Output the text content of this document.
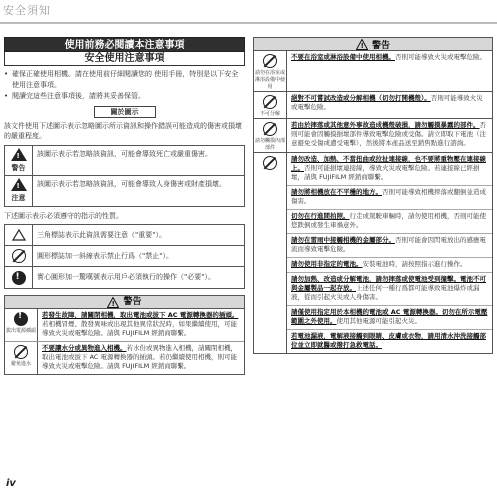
安全須知
使用前務必閱讀本注意事項
安全使用注意事項
• 確保正確使用相機。請在使用前仔細閱讀您的 使用手冊，特別是以下安全使用注意事項。
• 閱讀完這些注意事項後，請將其妥善保管。
關於圖示
該文件使用下述圖示表示忽略圖示所示資訊和操作錯誤可能造成的傷害或損壞的嚴重程度。
!
警告
該圖示表示若忽略該資訊，可能會導致死亡或嚴重傷害。
!
注意
該圖示表示若忽略該資訊，可能會導致人身傷害或財產損壞。
下述圖示表示必須遵守的指示的性質。
三角標誌表示此資訊需要注意（"重要"）。
圓形標誌加一斜線表示禁止行爲（"禁止"）。
!	實心圓形加一驚嘆號表示用戶必須執行的操作（"必要"）。
! 警告
!
拔出電源插頭
若發生故障，請關閉相機，取出電池或拔下 AC 電源轉換器的插頭。若相機冒煙、散發異味或出現其他異常狀況時，如果繼續使用，可能導致火災或電擊危險。請與 FUJIFILM 經銷商聯繫。
避免進水
不要讓水分或異物進入相機。若水份或異物進入相機，請關閉相機，取出電池或拔下 AC 電源轉換器的插頭。若仍繼續使用相機，則可能導致火災或電擊危險。請與 FUJIFILM 經銷商聯繫。
! 警告
請勿在浴室或淋浴設備中使用
不要在浴室或淋浴設備中使用相機。否則可能導致火災或電擊危險。
不可分解
絕對不可嘗試改造或分解相機（切勿打開機殼）。否則可能導致火災或電擊危險。
請勿觸摸內部部件
若由於摔落或其他意外事故造成機殼破損，請勿觸摸暴露的部件。否則可能會因觸摸損壞部件導致電擊危險或受傷。請立即取下電池（注意避免受傷或遭受電擊），然後將本產品送至銷售點進行諮詢。
請勿改造、加熱、不當扭曲或拉扯連接線，也不要將重物壓在連接線上。否則可能損壞連接線，導致火災或電擊危險。若連接線已經損壞，請與 FUJIFILM 經銷商聯繫。
請勿將相機放在不平穩的地方。否則可能導致相機摔落或翻倒並造成傷害。
切勿在行進間拍照。行走或駕駛車輛時，請勿使用相機，否則可能使您跌倒或發生車禍意外。
請勿在雷雨中接觸相機的金屬部分。否則可能會因閃電放出的感應電流而導致電擊危險。
請勿使用非指定的電池。安裝電池時，請按照指示進行操作。
請勿加熱、改造或分解電池，請勿摔落或使電池受到撞擊。電池不可與金屬製品一起存放。上述任何一種行爲都可能導致電池爆炸或漏液，從而引起火災或人身傷害。
請僅使用指定用於本相機的電池或 AC 電源轉換器。切勿在所示電壓範圍之外使用。使用其他電源可能引起火災。
若電池漏液，電解液接觸到眼睛、皮膚或衣物，請用清水沖洗接觸部位並立即就醫或撥打急救電話。
iv
